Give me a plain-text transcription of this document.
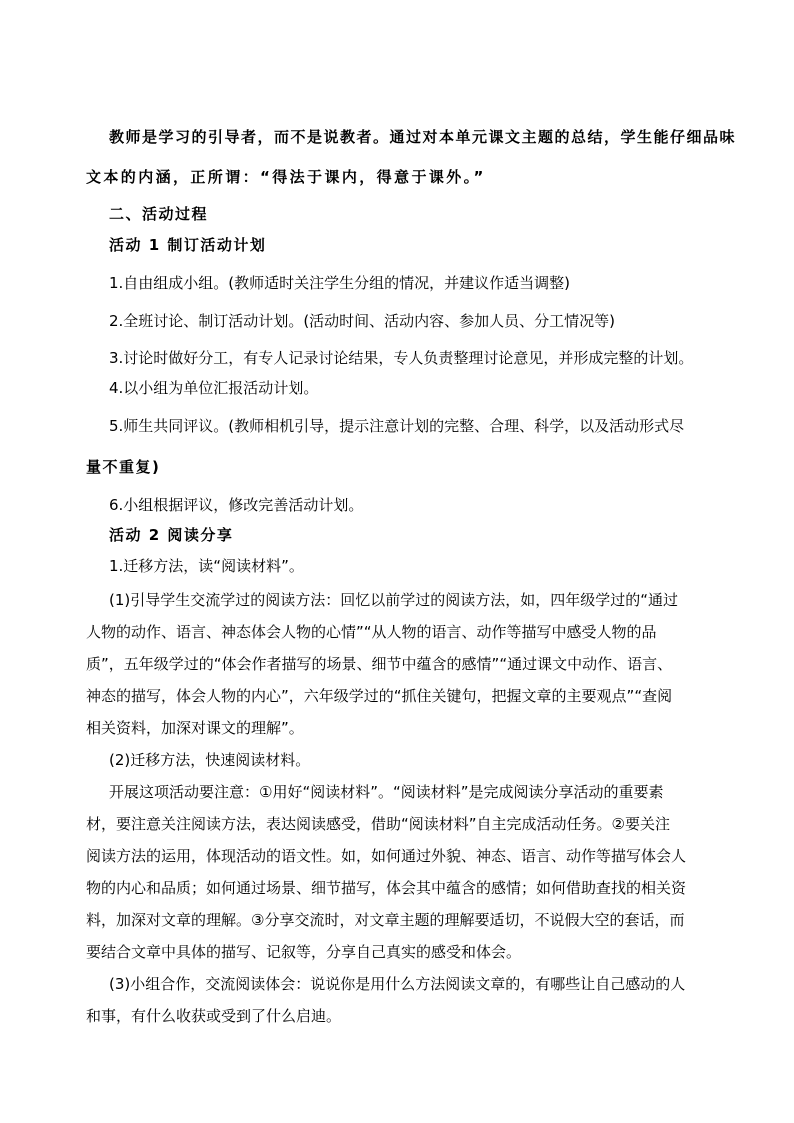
教师是学习的引导者，而不是说教者。通过对本单元课文主题的总结，学生能仔细品味
文本的内涵，正所谓：“得法于课内，得意于课外。”
二、活动过程
活动 1 制订活动计划
1.自由组成小组。(教师适时关注学生分组的情况，并建议作适当调整)
2.全班讨论、制订活动计划。(活动时间、活动内容、参加人员、分工情况等)
3.讨论时做好分工，有专人记录讨论结果，专人负责整理讨论意见，并形成完整的计划。
4.以小组为单位汇报活动计划。
5.师生共同评议。(教师相机引导，提示注意计划的完整、合理、科学，以及活动形式尽
量不重复)
6.小组根据评议，修改完善活动计划。
活动 2 阅读分享
1.迁移方法，读“阅读材料”。
(1)引导学生交流学过的阅读方法：回忆以前学过的阅读方法，如，四年级学过的“通过
人物的动作、语言、神态体会人物的心情”“从人物的语言、动作等描写中感受人物的品
质”，五年级学过的“体会作者描写的场景、细节中蕴含的感情”“通过课文中动作、语言、
神态的描写，体会人物的内心”，六年级学过的“抓住关键句，把握文章的主要观点”“查阅
相关资料，加深对课文的理解”。
(2)迁移方法，快速阅读材料。
开展这项活动要注意：①用好“阅读材料”。“阅读材料”是完成阅读分享活动的重要素
材，要注意关注阅读方法，表达阅读感受，借助“阅读材料”自主完成活动任务。②要关注
阅读方法的运用，体现活动的语文性。如，如何通过外貌、神态、语言、动作等描写体会人
物的内心和品质；如何通过场景、细节描写，体会其中蕴含的感情；如何借助查找的相关资
料，加深对文章的理解。③分享交流时，对文章主题的理解要适切，不说假大空的套话，而
要结合文章中具体的描写、记叙等，分享自己真实的感受和体会。
(3)小组合作，交流阅读体会：说说你是用什么方法阅读文章的，有哪些让自己感动的人
和事，有什么收获或受到了什么启迪。
